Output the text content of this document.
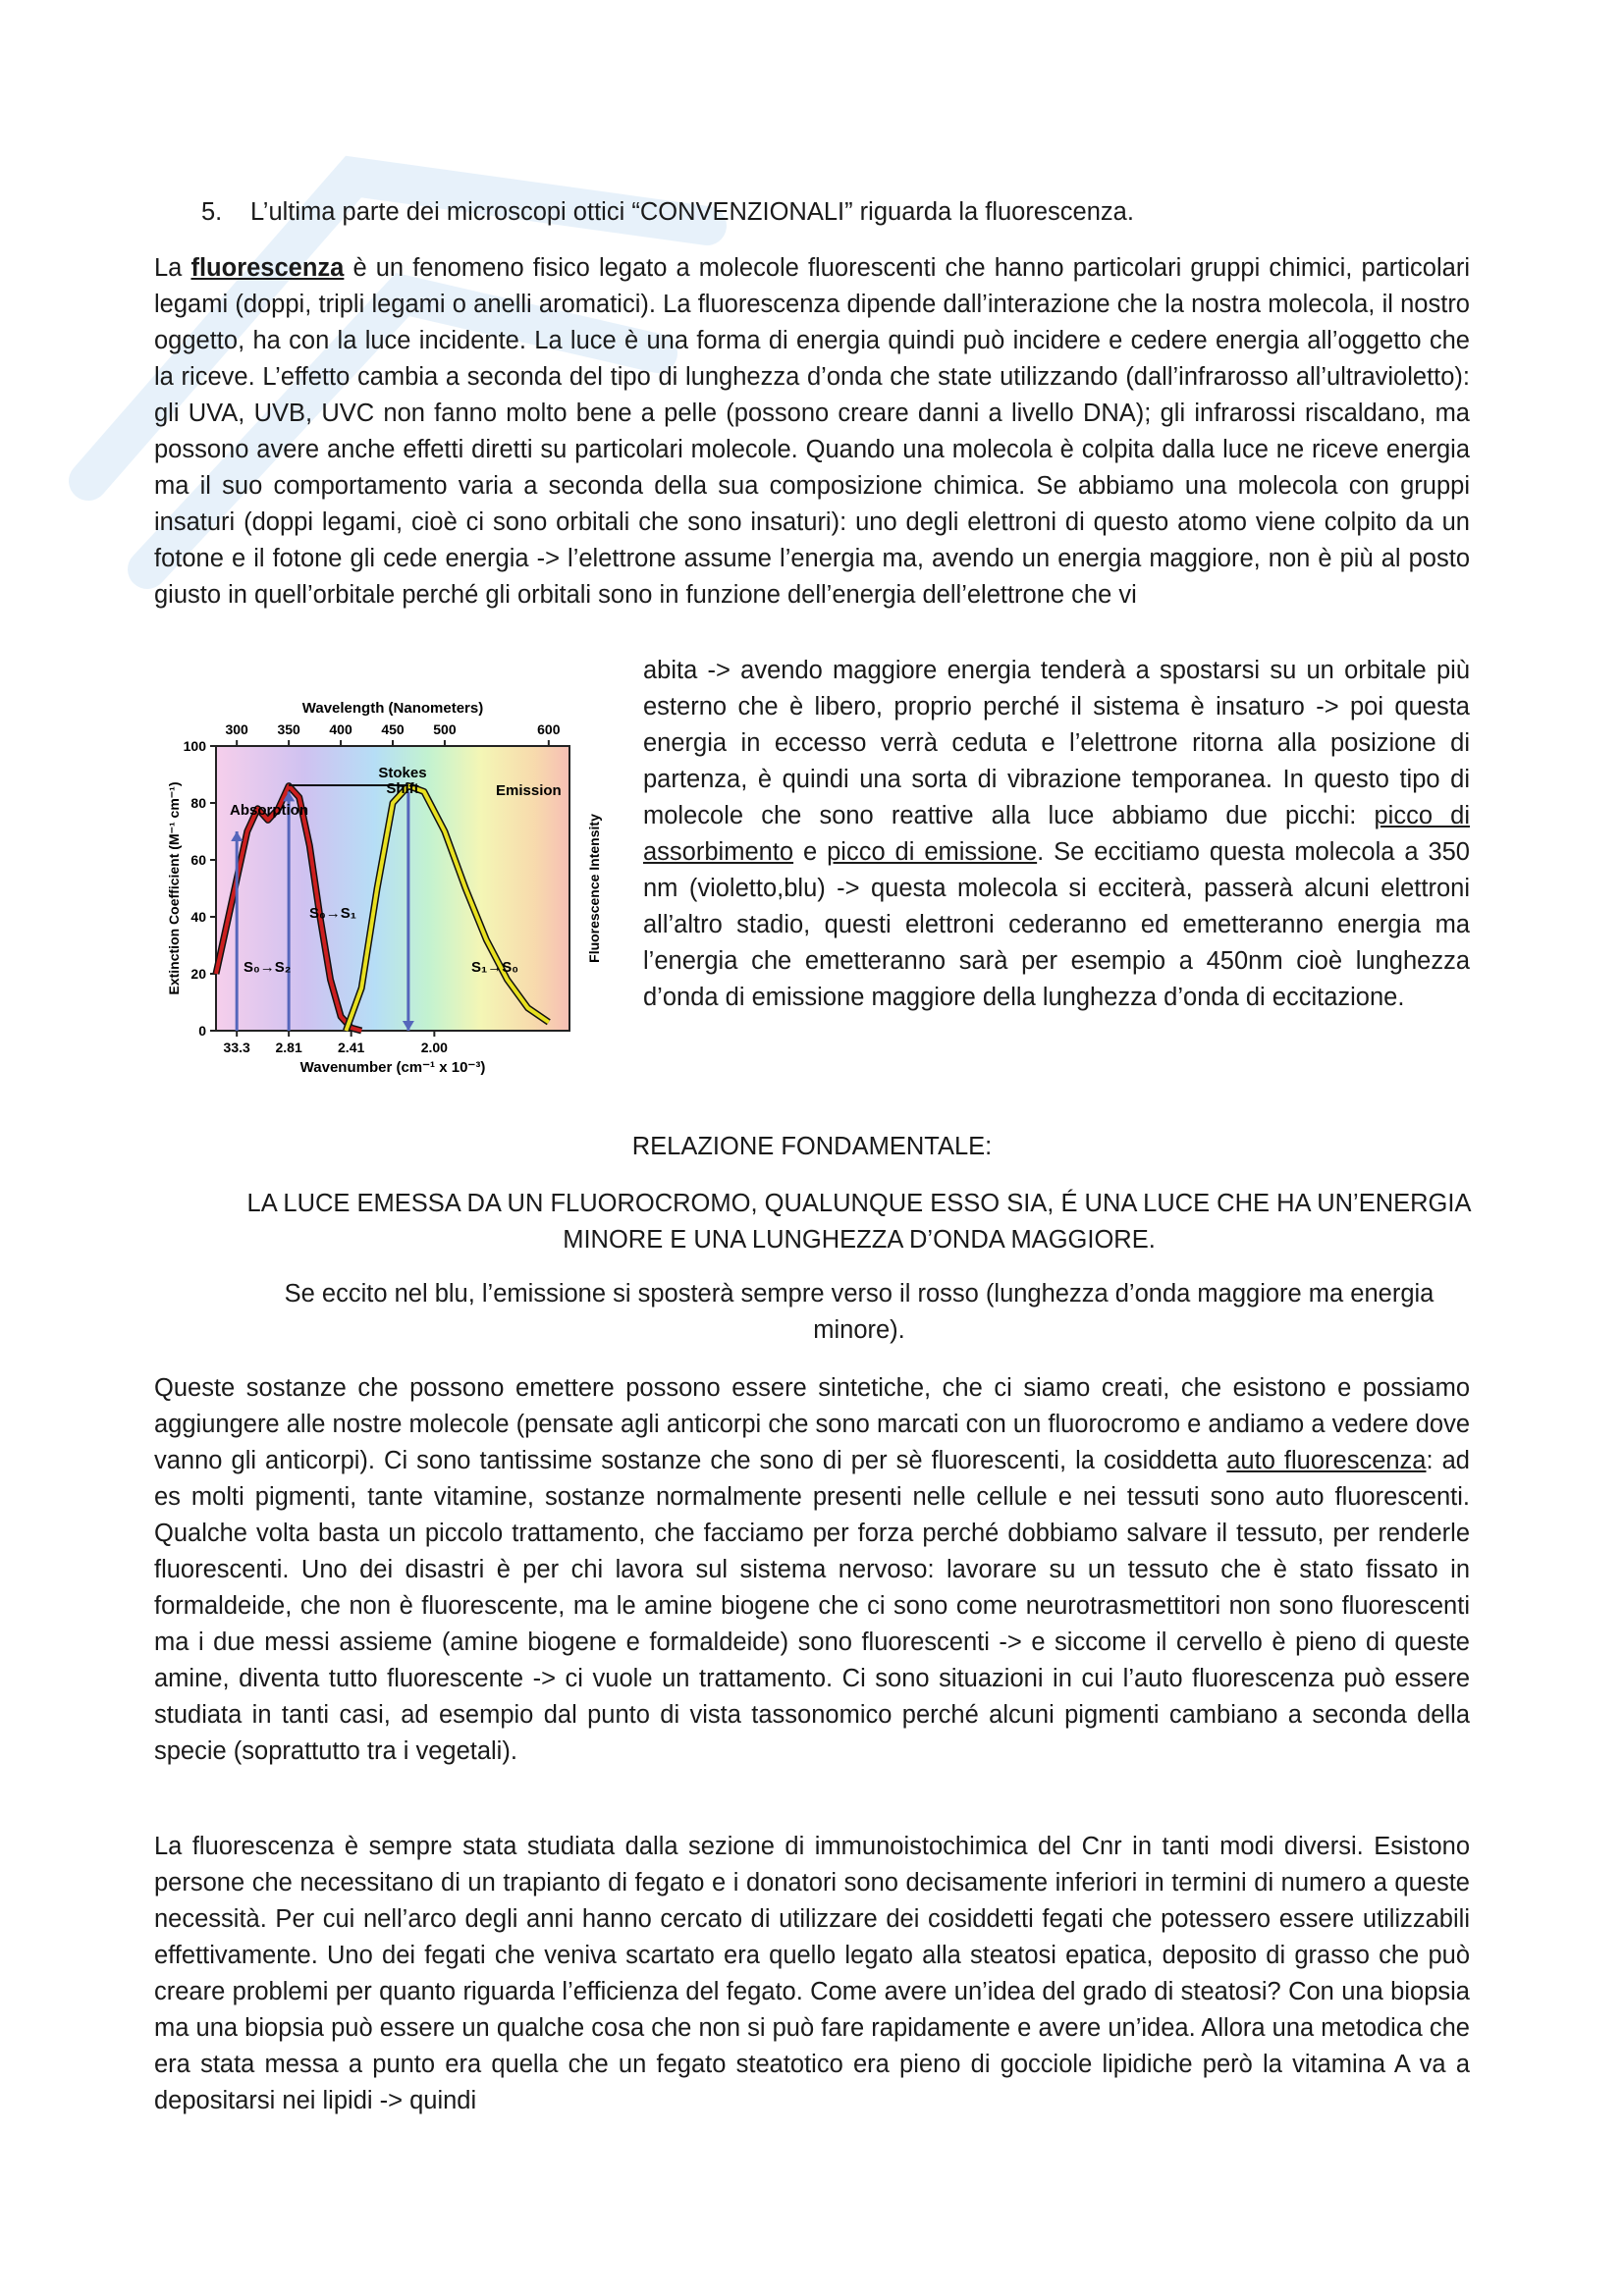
5. L’ultima parte dei microscopi ottici “CONVENZIONALI” riguarda la fluorescenza.
La fluorescenza è un fenomeno fisico legato a molecole fluorescenti che hanno particolari gruppi chimici, particolari legami (doppi, tripli legami o anelli aromatici). La fluorescenza dipende dall’interazione che la nostra molecola, il nostro oggetto, ha con la luce incidente. La luce è una forma di energia quindi può incidere e cedere energia all’oggetto che la riceve. L’effetto cambia a seconda del tipo di lunghezza d’onda che state utilizzando (dall’infrarosso all’ultravioletto): gli UVA, UVB, UVC non fanno molto bene a pelle (possono creare danni a livello DNA); gli infrarossi riscaldano, ma possono avere anche effetti diretti su particolari molecole. Quando una molecola è colpita dalla luce ne riceve energia ma il suo comportamento varia a seconda della sua composizione chimica. Se abbiamo una molecola con gruppi insaturi (doppi legami, cioè ci sono orbitali che sono insaturi): uno degli elettroni di questo atomo viene colpito da un fotone e il fotone gli cede energia -> l’elettrone assume l’energia ma, avendo un energia maggiore, non è più al posto giusto in quell’orbitale perché gli orbitali sono in funzione dell’energia dell’elettrone che vi
abita -> avendo maggiore energia tenderà a spostarsi su un orbitale più esterno che è libero, proprio perché il sistema è insaturo -> poi questa energia in eccesso verrà ceduta e l’elettrone ritorna alla posizione di partenza, è quindi una sorta di vibrazione temporanea. In questo tipo di molecole che sono reattive alla luce abbiamo due picchi: picco di assorbimento e picco di emissione. Se eccitiamo questa molecola a 350 nm (violetto,blu) -> questa molecola si ecciterà, passerà alcuni elettroni all’altro stadio, questi elettroni cederanno ed emetteranno energia ma l’energia che emetteranno sarà per esempio a 450nm cioè lunghezza d’onda di emissione maggiore della lunghezza d’onda di eccitazione.
0
20
40
60
80
100
300 350 400 450 500	600
Wavelength (Nanometers)
33.3 2.81	2.41	2.00
Wavenumber (cm⁻¹ x 10⁻³)
Extinction Coefficient (M⁻¹ cm⁻¹)	Fluorescence Intensity
Absorption
Emission
Stokes
Shift
S₀→S₂
S₀→S₁
S₁→S₀
RELAZIONE FONDAMENTALE:
LA LUCE EMESSA DA UN FLUOROCROMO, QUALUNQUE ESSO SIA, É UNA LUCE CHE HA UN’ENERGIA MINORE E UNA LUNGHEZZA D’ONDA MAGGIORE.
Se eccito nel blu, l’emissione si sposterà sempre verso il rosso (lunghezza d’onda maggiore ma energia minore).
Queste sostanze che possono emettere possono essere sintetiche, che ci siamo creati, che esistono e possiamo aggiungere alle nostre molecole (pensate agli anticorpi che sono marcati con un fluorocromo e andiamo a vedere dove vanno gli anticorpi). Ci sono tantissime sostanze che sono di per sè fluorescenti, la cosiddetta auto fluorescenza: ad es molti pigmenti, tante vitamine, sostanze normalmente presenti nelle cellule e nei tessuti sono auto fluorescenti. Qualche volta basta un piccolo trattamento, che facciamo per forza perché dobbiamo salvare il tessuto, per renderle fluorescenti. Uno dei disastri è per chi lavora sul sistema nervoso: lavorare su un tessuto che è stato fissato in formaldeide, che non è fluorescente, ma le amine biogene che ci sono come neurotrasmettitori non sono fluorescenti ma i due messi assieme (amine biogene e formaldeide) sono fluorescenti -> e siccome il cervello è pieno di queste amine, diventa tutto fluorescente -> ci vuole un trattamento. Ci sono situazioni in cui l’auto fluorescenza può essere studiata in tanti casi, ad esempio dal punto di vista tassonomico perché alcuni pigmenti cambiano a seconda della specie (soprattutto tra i vegetali).
La fluorescenza è sempre stata studiata dalla sezione di immunoistochimica del Cnr in tanti modi diversi. Esistono persone che necessitano di un trapianto di fegato e i donatori sono decisamente inferiori in termini di numero a queste necessità. Per cui nell’arco degli anni hanno cercato di utilizzare dei cosiddetti fegati che potessero essere utilizzabili effettivamente. Uno dei fegati che veniva scartato era quello legato alla steatosi epatica, deposito di grasso che può creare problemi per quanto riguarda l’efficienza del fegato. Come avere un’idea del grado di steatosi? Con una biopsia ma una biopsia può essere un qualche cosa che non si può fare rapidamente e avere un’idea. Allora una metodica che era stata messa a punto era quella che un fegato steatotico era pieno di gocciole lipidiche però la vitamina A va a depositarsi nei lipidi -> quindi
